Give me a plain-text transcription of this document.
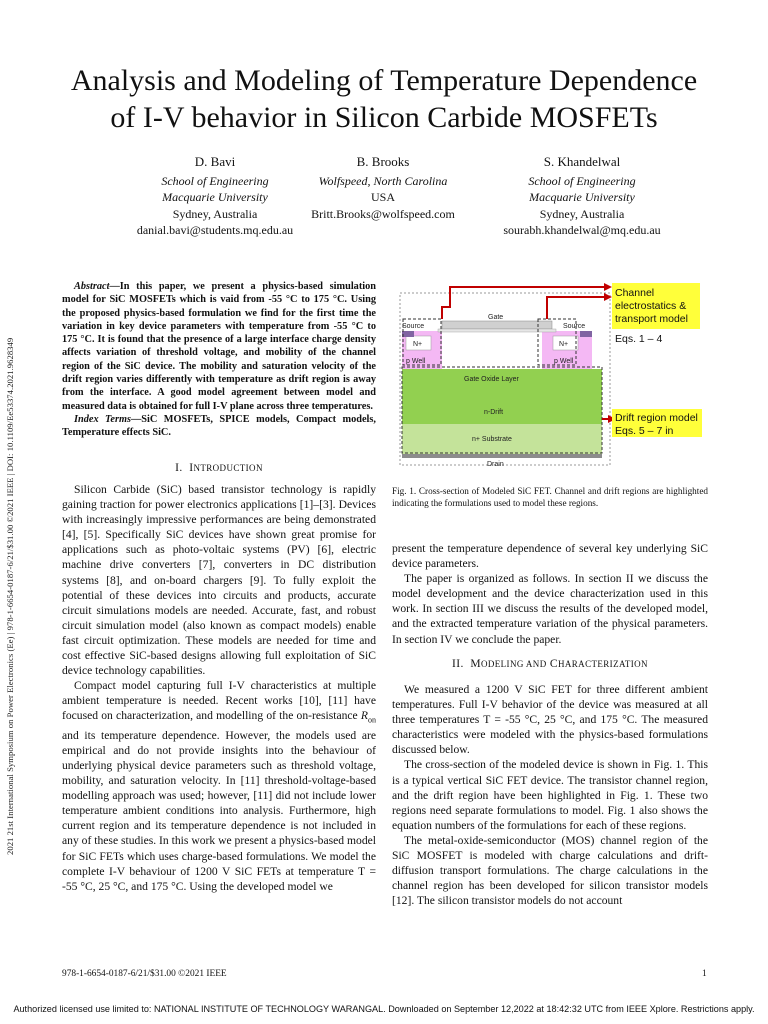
Analysis and Modeling of Temperature Dependence
of I-V behavior in Silicon Carbide MOSFETs
D. Bavi
School of Engineering
Macquarie University
Sydney, Australia
danial.bavi@students.mq.edu.au
B. Brooks
Wolfspeed, North Carolina
USA
Britt.Brooks@wolfspeed.com
S. Khandelwal
School of Engineering
Macquarie University
Sydney, Australia
sourabh.khandelwal@mq.edu.au
2021 21st International Symposium on Power Electronics (Ee) | 978-1-6654-0187-6/21/$31.00 ©2021 IEEE | DOI: 10.1109/Ee53374.2021.9628349

Abstract—In this paper, we present a physics-based simulation model for SiC MOSFETs which is vaid from -55 °C to 175 °C. Using the proposed physics-based formulation we find for the first time the variation in key device parameters with temperature from -55 °C to 175 °C. It is found that the presence of a large interface charge density affects variation of threshold voltage, and mobility of the channel region of the SiC device. The mobility and saturation velocity of the drift region varies differently with temperature as drift region is away from the interface. A good model agreement between model and measured data is obtained for full I-V plane across three temperatures.

Index Terms—SiC MOSFETs, SPICE models, Compact models, Temperature effects SiC.

I. INTRODUCTION

Silicon Carbide (SiC) based transistor technology is rapidly gaining traction for power electronics applications [1]–[3]. Devices with increasingly impressive performances are being demonstrated [4], [5]. Specifically SiC devices have shown great promise for applications such as photo-voltaic systems (PV) [6], electric machine drive converters [7], converters in DC distribution systems [8], and on-board chargers [9]. To fully exploit the potential of these devices into circuits and products, accurate circuit simulations models are needed. Accurate, fast, and robust circuit simulation model (also known as compact models) enable fast circuit optimization. These models are needed for time and cost effective SiC-based designs allowing full exploitation of SiC device technology capabilities.

Compact model capturing full I-V characteristics at multiple ambient temperature is needed. Recent works [10], [11] have focused on characterization, and modelling of the on-resistance $R_{on}$ and its temperature dependence. However, the models used are empirical and do not provide insights into the behaviour of underlying physical device parameters such as threshold voltage, mobility, and saturation velocity. In [11] threshold-voltage-based modelling approach was used; however, [11] did not include lower temperature ambient conditions into analysis. Furthermore, high current region and its temperature dependence is not included in any of these studies. In this work we present a physics-based model for SiC FETs which uses charge-based formulations. We model the complete I-V behaviour of 1200 V SiC FETs at temperature T = -55 °C, 25 °C, and 175 °C. Using the developed model we

Gate
Source	Source
N+	N+
p Well	p Well
Gate Oxide Layer
n-Drift
n+ Substrate
Drain
Channel
electrostatics &
transport model
Eqs. 1 – 4
Drift region model
Eqs. 5 – 7 in
Fig. 1. Cross-section of Modeled SiC FET. Channel and drift regions are highlighted indicating the formulations used to model these regions.

present the temperature dependence of several key underlying SiC device parameters.

The paper is organized as follows. In section II we discuss the model development and the device characterization used in this work. In section III we discuss the results of the developed model, and the extracted temperature variation of the physical parameters. In section IV we conclude the paper.

II. MODELING AND CHARACTERIZATION

We measured a 1200 V SiC FET for three different ambient temperatures. Full I-V behavior of the device was measured at all three temperatures T = -55 °C, 25 °C, and 175 °C. The measured characteristics were modeled with the physics-based formulations discussed below.

The cross-section of the modeled device is shown in Fig. 1. This is a typical vertical SiC FET device. The transistor channel region, and the drift region have been highlighted in Fig. 1. These two regions need separate formulations to model. Fig. 1 also shows the equation numbers of the formulations for each of these regions.

The metal-oxide-semiconductor (MOS) channel region of the SiC MOSFET is modeled with charge calculations and drift-diffusion transport formulations. The charge calculations in the channel region has been developed for silicon transistor models [12]. The silicon transistor models do not account

978-1-6654-0187-6/21/$31.00 ©2021 IEEE	1
Authorized licensed use limited to: NATIONAL INSTITUTE OF TECHNOLOGY WARANGAL. Downloaded on September 12,2022 at 18:42:32 UTC from IEEE Xplore. Restrictions apply.
